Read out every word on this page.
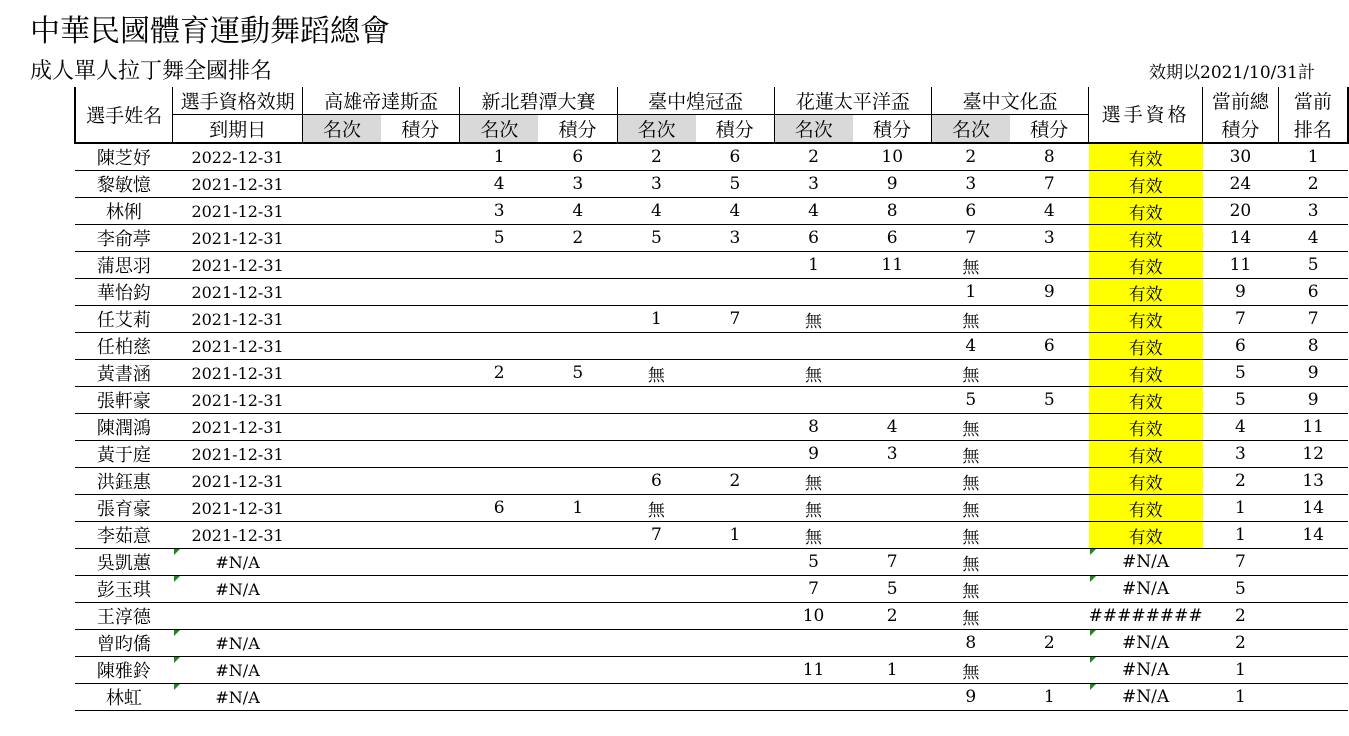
中華民國體育運動舞蹈總會
成人單人拉丁舞全國排名	效期以2021/10/31計
選手姓名	選手資格效期	高雄帝達斯盃		新北碧潭大賽		臺中煌冠盃		花蓮太平洋盃		臺中文化盃		選手資格	當前總	當前
	到期日	名次	積分	名次	積分	名次	積分	名次	積分	名次	積分		積分	排名
陳芝妤	2022-12-31			1	6	2	6	2	10	2	8	有效	30	1
黎敏憶	2021-12-31			4	3	3	5	3	9	3	7	有效	24	2
林俐	2021-12-31			3	4	4	4	4	8	6	4	有效	20	3
李俞葶	2021-12-31			5	2	5	3	6	6	7	3	有效	14	4
蒲思羽	2021-12-31							1	11	無		有效	11	5
華怡鈞	2021-12-31									1	9	有效	9	6
任艾莉	2021-12-31					1	7	無		無		有效	7	7
任柏慈	2021-12-31									4	6	有效	6	8
黃書涵	2021-12-31			2	5	無		無		無		有效	5	9
張軒豪	2021-12-31									5	5	有效	5	9
陳潤鴻	2021-12-31							8	4	無		有效	4	11
黃于庭	2021-12-31							9	3	無		有效	3	12
洪鈺惠	2021-12-31					6	2	無		無		有效	2	13
張育豪	2021-12-31			6	1	無		無		無		有效	1	14
李茹意	2021-12-31					7	1	無		無		有效	1	14
吳凱蕙	#N/A							5	7	無		#N/A	7	
彭玉琪	#N/A							7	5	無		#N/A	5	
王淳德								10	2	無		########	2	
曾昀僑	#N/A									8	2	#N/A	2	
陳雅鈴	#N/A							11	1	無		#N/A	1	
林虹	#N/A									9	1	#N/A	1	
